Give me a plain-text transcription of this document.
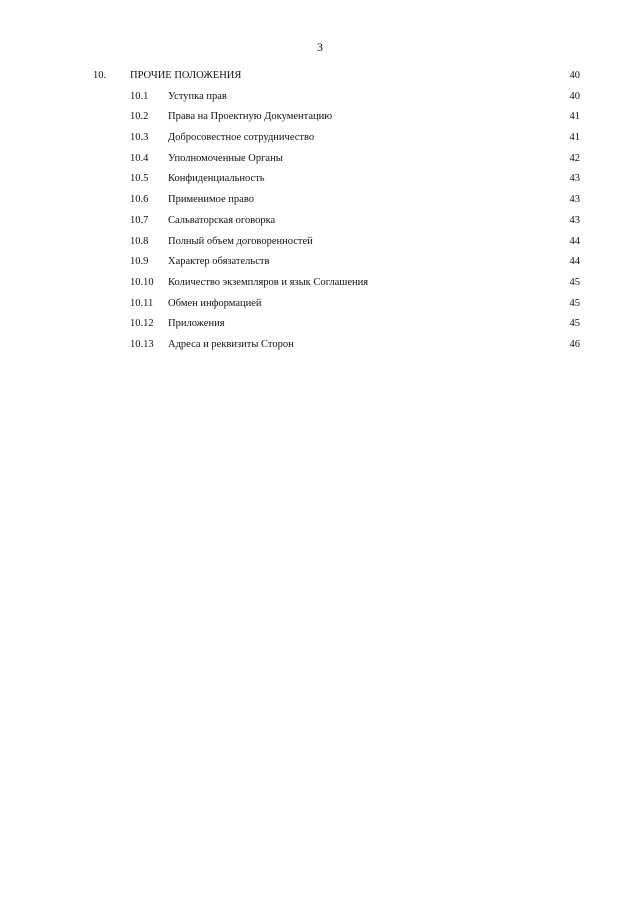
3
10. ПРОЧИЕ ПОЛОЖЕНИЯ	40
10.1 Уступка прав	40
10.2 Права на Проектную Документацию	41
10.3 Добросовестное сотрудничество	41
10.4 Уполномоченные Органы	42
10.5 Конфиденциальность	43
10.6 Применимое право	43
10.7 Сальваторская оговорка	43
10.8 Полный объем договоренностей	44
10.9 Характер обязательств	44
10.10 Количество экземпляров и язык Соглашения	45
10.11 Обмен информацией	45
10.12 Приложения	45
10.13 Адреса и реквизиты Сторон	46
